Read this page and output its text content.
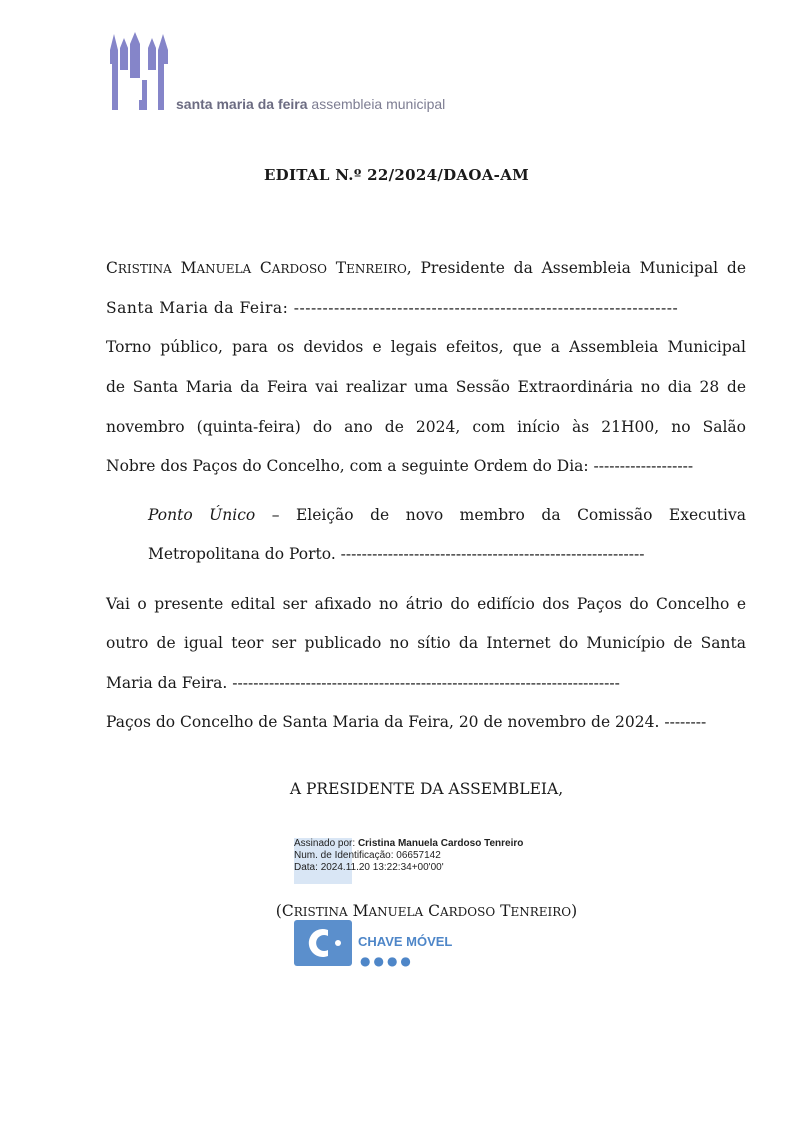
santa maria da feira assembleia municipal
EDITAL N.º 22/2024/DAOA-AM
CRISTINA MANUELA CARDOSO TENREIRO, Presidente da Assembleia Municipal de
Santa Maria da Feira: -------------------------------------------------------------------
Torno público, para os devidos e legais efeitos, que a Assembleia Municipal
de Santa Maria da Feira vai realizar uma Sessão Extraordinária no dia 28 de
novembro (quinta-feira) do ano de 2024, com início às 21H00, no Salão
Nobre dos Paços do Concelho, com a seguinte Ordem do Dia: -------------------
Ponto Único – Eleição de novo membro da Comissão Executiva
Metropolitana do Porto. ----------------------------------------------------------
Vai o presente edital ser afixado no átrio do edifício dos Paços do Concelho e
outro de igual teor ser publicado no sítio da Internet do Município de Santa
Maria da Feira. --------------------------------------------------------------------------
Paços do Concelho de Santa Maria da Feira, 20 de novembro de 2024. --------
A PRESIDENTE DA ASSEMBLEIA,
Assinado por: Cristina Manuela Cardoso Tenreiro
Num. de Identificação: 06657142
Data: 2024.11.20 13:22:34+00'00'
(CRISTINA MANUELA CARDOSO TENREIRO)
CHAVE MÓVEL
●●●●
